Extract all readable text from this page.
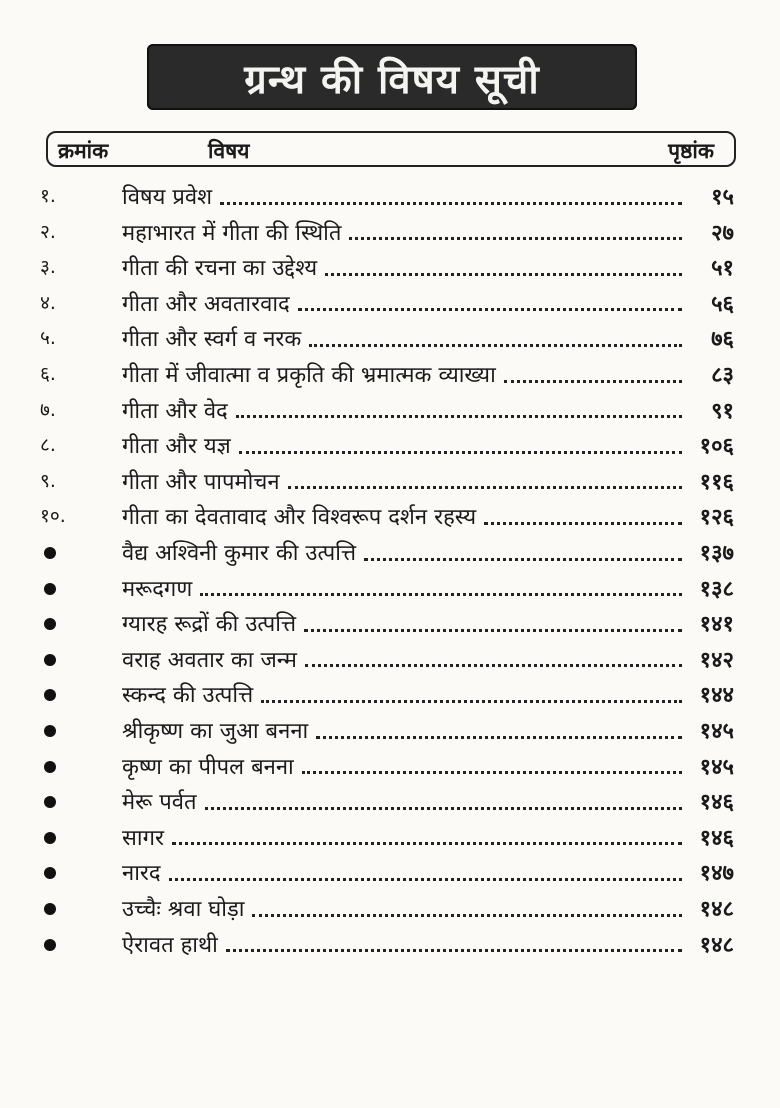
ग्रन्थ की विषय सूची
क्रमांक	विषय	पृष्ठांक
१.	विषय प्रवेश	१५
२.	महाभारत में गीता की स्थिति	२७
३.	गीता की रचना का उद्देश्य	५१
४.	गीता और अवतारवाद	५६
५.	गीता और स्वर्ग व नरक	७६
६.	गीता में जीवात्मा व प्रकृति की भ्रमात्मक व्याख्या	८३
७.	गीता और वेद	९१
८.	गीता और यज्ञ	१०६
९.	गीता और पापमोचन	११६
१०.	गीता का देवतावाद और विश्वरूप दर्शन रहस्य	१२६
वैद्य अश्विनी कुमार की उत्पत्ति	१३७
मरूदगण	१३८
ग्यारह रूद्रों की उत्पत्ति	१४१
वराह अवतार का जन्म	१४२
स्कन्द की उत्पत्ति	१४४
श्रीकृष्ण का जुआ बनना	१४५
कृष्ण का पीपल बनना	१४५
मेरू पर्वत	१४६
सागर	१४६
नारद	१४७
उच्चैः श्रवा घोड़ा	१४८
ऐरावत हाथी	१४८
